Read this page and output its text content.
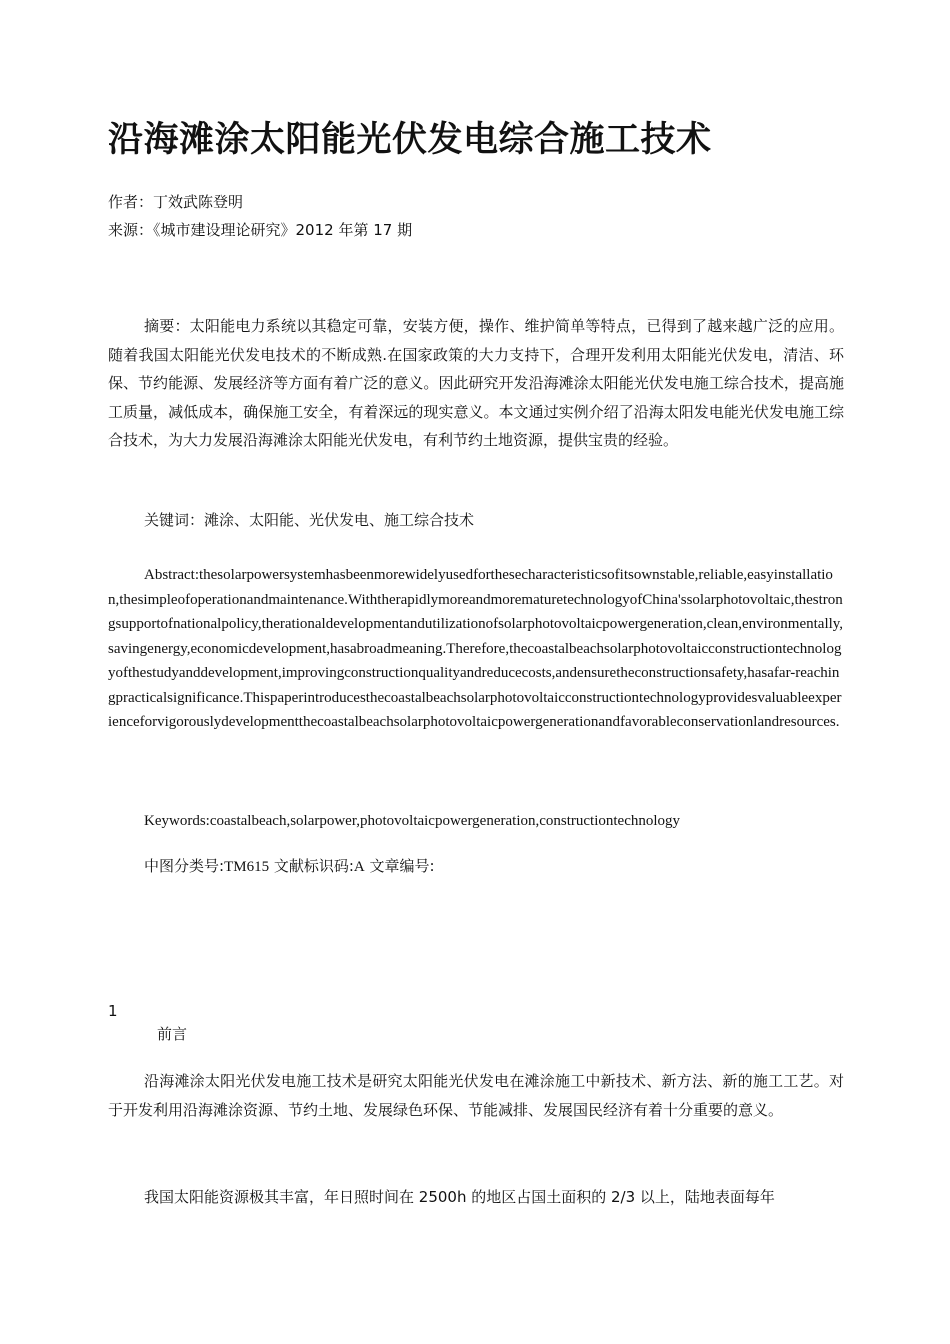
沿海滩涂太阳能光伏发电综合施工技术
作者：丁效武陈登明
来源：《城市建设理论研究》2012 年第 17 期

摘要：太阳能电力系统以其稳定可靠，安装方便，操作、维护简单等特点，已得到了越来越广泛的应用。随着我国太阳能光伏发电技术的不断成熟.在国家政策的大力支持下，合理开发利用太阳能光伏发电，清洁、环保、节约能源、发展经济等方面有着广泛的意义。因此研究开发沿海滩涂太阳能光伏发电施工综合技术，提高施工质量，减低成本，确保施工安全，有着深远的现实意义。本文通过实例介绍了沿海太阳发电能光伏发电施工综合技术，为大力发展沿海滩涂太阳能光伏发电，有利节约土地资源，提供宝贵的经验。

关键词：滩涂、太阳能、光伏发电、施工综合技术

Abstract:thesolarpowersystemhasbeenmorewidelyusedforthesecharacteristicsofitsownstable,reliable,easyinstallation,thesimpleofoperationandmaintenance.WiththerapidlymoreandmorematuretechnologyofChina'ssolarphotovoltaic,thestrongsupportofnationalpolicy,therationaldevelopmentandutilizationofsolarphotovoltaicpowergeneration,clean,environmentally,savingenergy,economicdevelopment,hasabroadmeaning.Therefore,thecoastalbeachsolarphotovoltaicconstructiontechnologyofthestudyanddevelopment,improvingconstructionqualityandreducecosts,andensuretheconstructionsafety,hasafar-reachingpracticalsignificance.Thispaperintroducesthecoastalbeachsolarphotovoltaicconstructiontechnologyprovidesvaluableexperienceforvigorouslydevelopmentthecoastalbeachsolarphotovoltaicpowergenerationandfavorableconservationlandresources.

Keywords:coastalbeach,solarpower,photovoltaicpowergeneration,constructiontechnology

中图分类号:TM615 文献标识码:A 文章编号:

1
前言

沿海滩涂太阳光伏发电施工技术是研究太阳能光伏发电在滩涂施工中新技术、新方法、新的施工工艺。对于开发利用沿海滩涂资源、节约土地、发展绿色环保、节能减排、发展国民经济有着十分重要的意义。

我国太阳能资源极其丰富，年日照时间在 2500h 的地区占国土面积的 2/3 以上，陆地表面每年
